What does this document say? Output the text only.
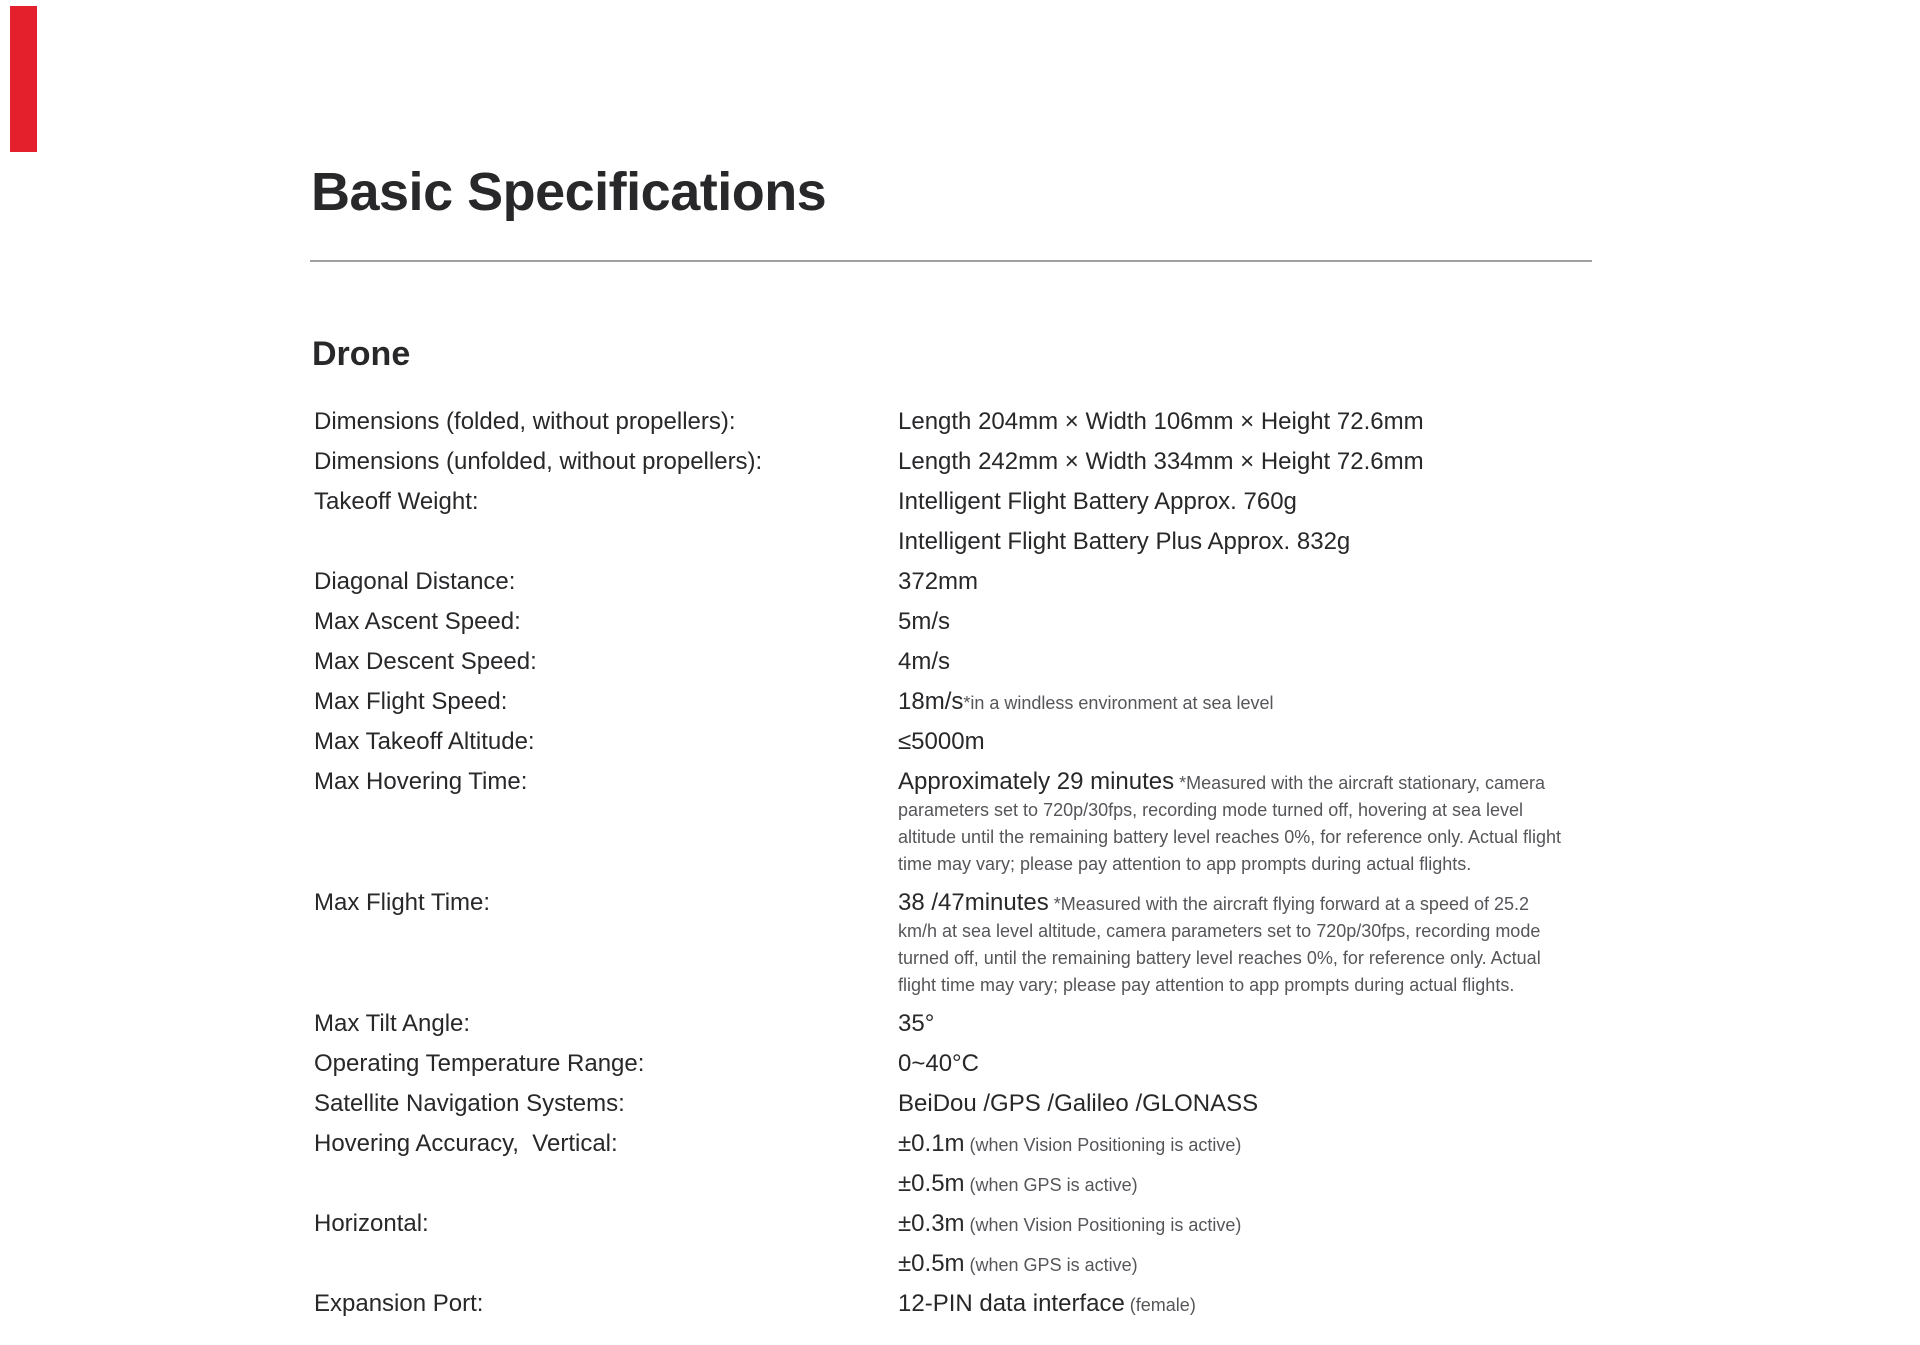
Basic Specifications
Drone
Dimensions (folded, without propellers):	Length 204mm × Width 106mm × Height 72.6mm
Dimensions (unfolded, without propellers):	Length 242mm × Width 334mm × Height 72.6mm
Takeoff Weight:	Intelligent Flight Battery Approx. 760g
Intelligent Flight Battery Plus Approx. 832g
Diagonal Distance:	372mm
Max Ascent Speed:	5m/s
Max Descent Speed:	4m/s
Max Flight Speed:	18m/s*in a windless environment at sea level
Max Takeoff Altitude:	≤5000m
Max Hovering Time:	Approximately 29 minutes *Measured with the aircraft stationary, camera
parameters set to 720p/30fps, recording mode turned off, hovering at sea level
altitude until the remaining battery level reaches 0%, for reference only. Actual flight
time may vary; please pay attention to app prompts during actual flights.
Max Flight Time:	38 /47minutes *Measured with the aircraft flying forward at a speed of 25.2
km/h at sea level altitude, camera parameters set to 720p/30fps, recording mode
turned off, until the remaining battery level reaches 0%, for reference only. Actual
flight time may vary; please pay attention to app prompts during actual flights.
Max Tilt Angle:	35°
Operating Temperature Range:	0~40°C
Satellite Navigation Systems:	BeiDou /GPS /Galileo /GLONASS
Hovering Accuracy,  Vertical:	±0.1m (when Vision Positioning is active)
±0.5m (when GPS is active)
Horizontal:	±0.3m (when Vision Positioning is active)
±0.5m (when GPS is active)
Expansion Port:	12-PIN data interface (female)
